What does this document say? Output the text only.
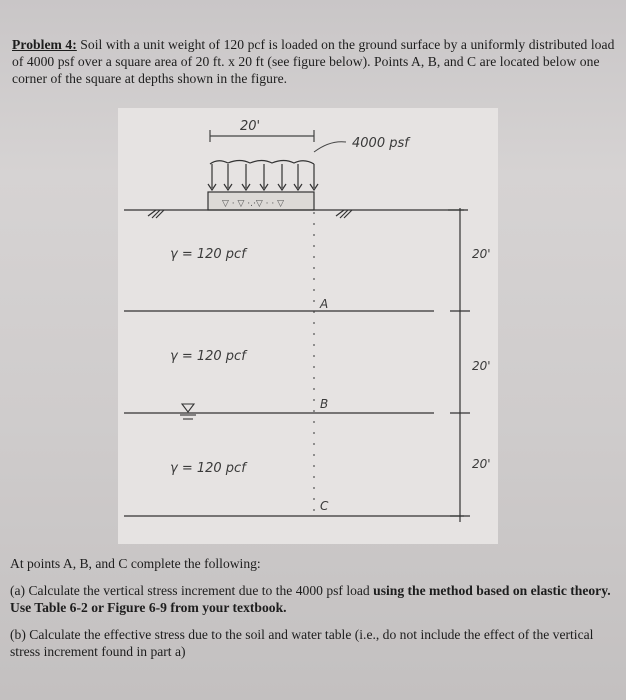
Problem 4: Soil with a unit weight of 120 pcf is loaded on the ground surface by a uniformly distributed load of 4000 psf over a square area of 20 ft. x 20 ft (see figure below). Points A, B, and C are located below one corner of the square at depths shown in the figure.
20'
4000 psf
▽ · ▽ ·.·▽ · · ▽
γ = 120 pcf	20'
A
γ = 120 pcf
20'
B
γ = 120 pcf	20'
C
At points A, B, and C complete the following:
(a) Calculate the vertical stress increment due to the 4000 psf load using the method based on elastic theory. Use Table 6-2 or Figure 6-9 from your textbook.
(b) Calculate the effective stress due to the soil and water table (i.e., do not include the effect of the vertical stress increment found in part a)
